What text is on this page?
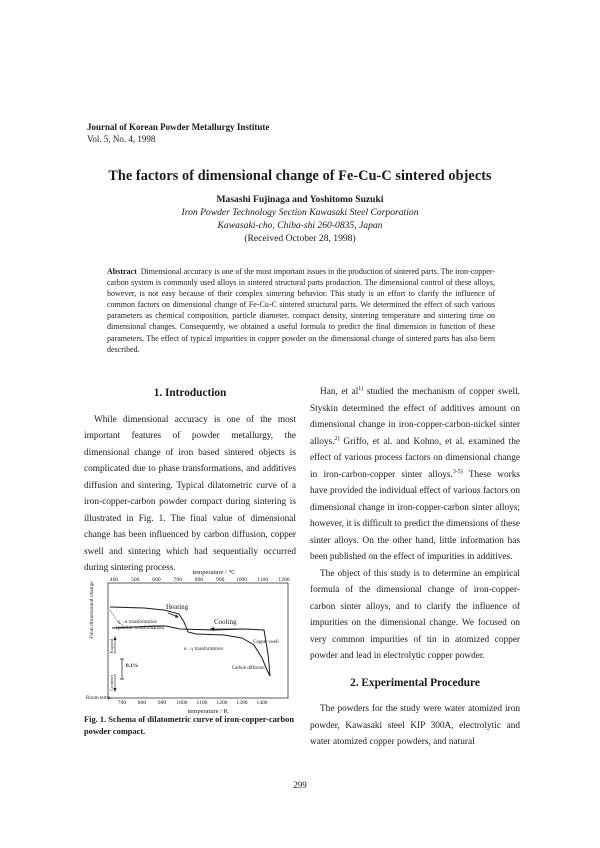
Journal of Korean Powder Metallurgy Institute
Vol. 5, No. 4, 1998
The factors of dimensional change of Fe-Cu-C sintered objects
Masashi Fujinaga and Yoshitomo Suzuki
Iron Powder Technology Section Kawasaki Steel Corporation
Kawasaki-cho, Chiba-shi 260-0835, Japan
(Received October 28, 1998)
Abstract Dimensional accuracy is one of the most important issues in the production of sintered parts. The iron-copper-carbon system is commonly used alloys in sintered structural parts production. The dimensional control of these alloys, however, is not easy because of their complex sintering behavior. This study is an effort to clarify the influence of common factors on dimensional change of Fe-Cu-C sintered structural parts. We determined the effect of such various parameters as chemical composition, particle diameter, compact density, sintering temperature and sintering time on dimensional changes. Consequently, we obtained a useful formula to predict the final dimension in function of these parameters. The effect of typical impurities in copper powder on the dimensional change of sintered parts has also been described.
1. Introduction

While dimensional accuracy is one of the most important features of powder metallurgy, the dimensional change of iron based sintered objects is complicated due to phase transformations, and additives diffusion and sintering. Typical dilatometric curve of a iron-copper-carbon powder compact during sintering is illustrated in Fig. 1. The final value of dimensional change has been influenced by carbon diffusion, copper swell and sintering which had sequentially occurred during sintering process.

Han, et $al^{1)}$ studied the mechanism of copper swell. Styskin determined the effect of additives amount on dimensional change in iron-copper-carbon-nickel sinter alloys.$^{2)}$ Griffo, et al. and Kohno, et al. examined the effect of various process factors on dimensional change in iron-carbon-copper sinter alloys.$^{3-5)}$ These works have provided the individual effect of various factors on dimensional change in iron-copper-carbon sinter alloys; however, it is difficult to predict the dimensions of these sinter alloys. On the other hand, little information has been published on the effect of impurities in additives.

The object of this study is to determine an empirical formula of the dimensional change of iron-copper-carbon sinter alloys, and to clarify the influence of impurities on the dimensional change. We focused on very common impurities of tin in atomized copper powder and lead in electrolytic copper powder.

2. Experimental Procedure

The powders for the study were water atomized iron powder, Kawasaki steel KIP 300A, electrolytic and water atomized copper powders, and natural

temperature / °C
400 500 600 700 800 900 1000 1100 1200
Final dimensional change
Room temp.
700 800 900 1000 1100 1200 1300 1400
temperature / K
Heating
Cooling
γ→α transformation
(pearlitic transformation)
Copper swell
α→γ transformation
Carbon diffusion
0.1%
Expand
Contract
Fig. 1. Schema of dilatometric curve of iron-copper-carbon powder compact.
299
